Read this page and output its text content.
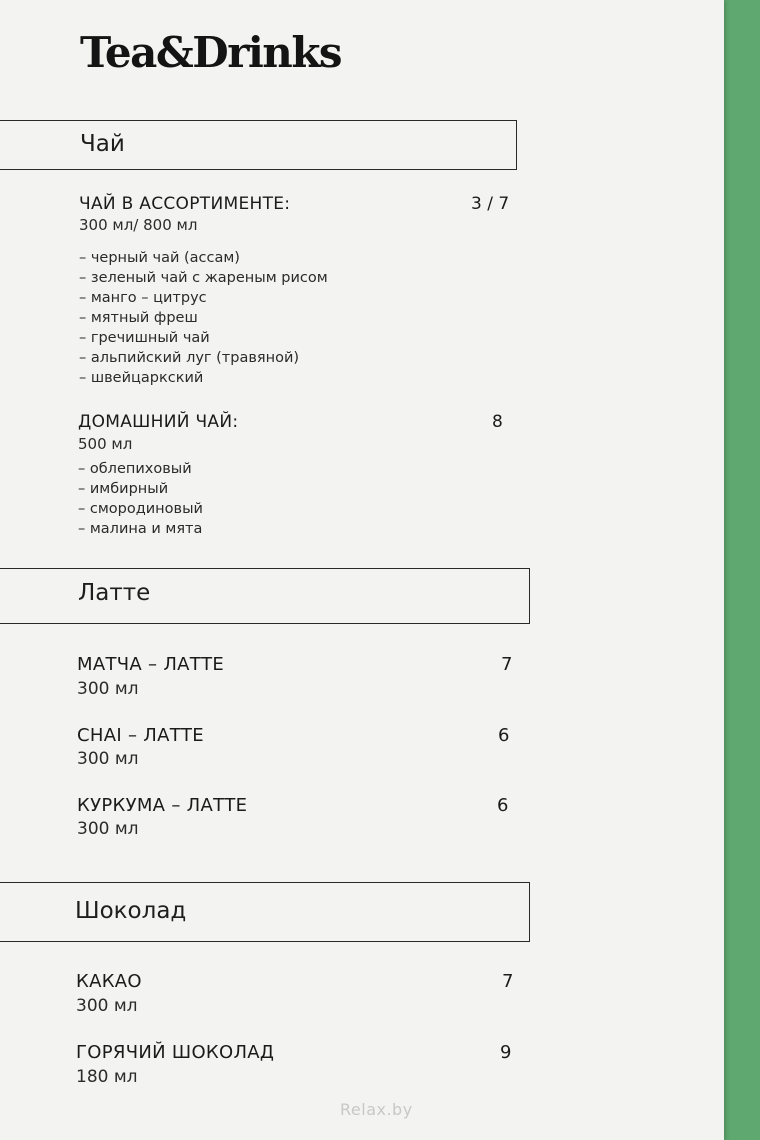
Tea&Drinks
Чай
ЧАЙ В АССОРТИМЕНТЕ:
300 мл/ 800 мл
3 / 7
– черный чай (ассам)
– зеленый чай с жареным рисом
– манго – цитрус
– мятный фреш
– гречишный чай
– альпийский луг (травяной)
– швейцаркский
ДОМАШНИЙ ЧАЙ:
500 мл
8
– облепиховый
– имбирный
– смородиновый
– малина и мята
Латте
МАТЧА – ЛАТТЕ
300 мл
7
CHAI – ЛАТТЕ
300 мл
6
КУРКУМА – ЛАТТЕ
300 мл
6
Шоколад
КАКАО
300 мл
7
ГОРЯЧИЙ ШОКОЛАД
180 мл
9
Relax.by
